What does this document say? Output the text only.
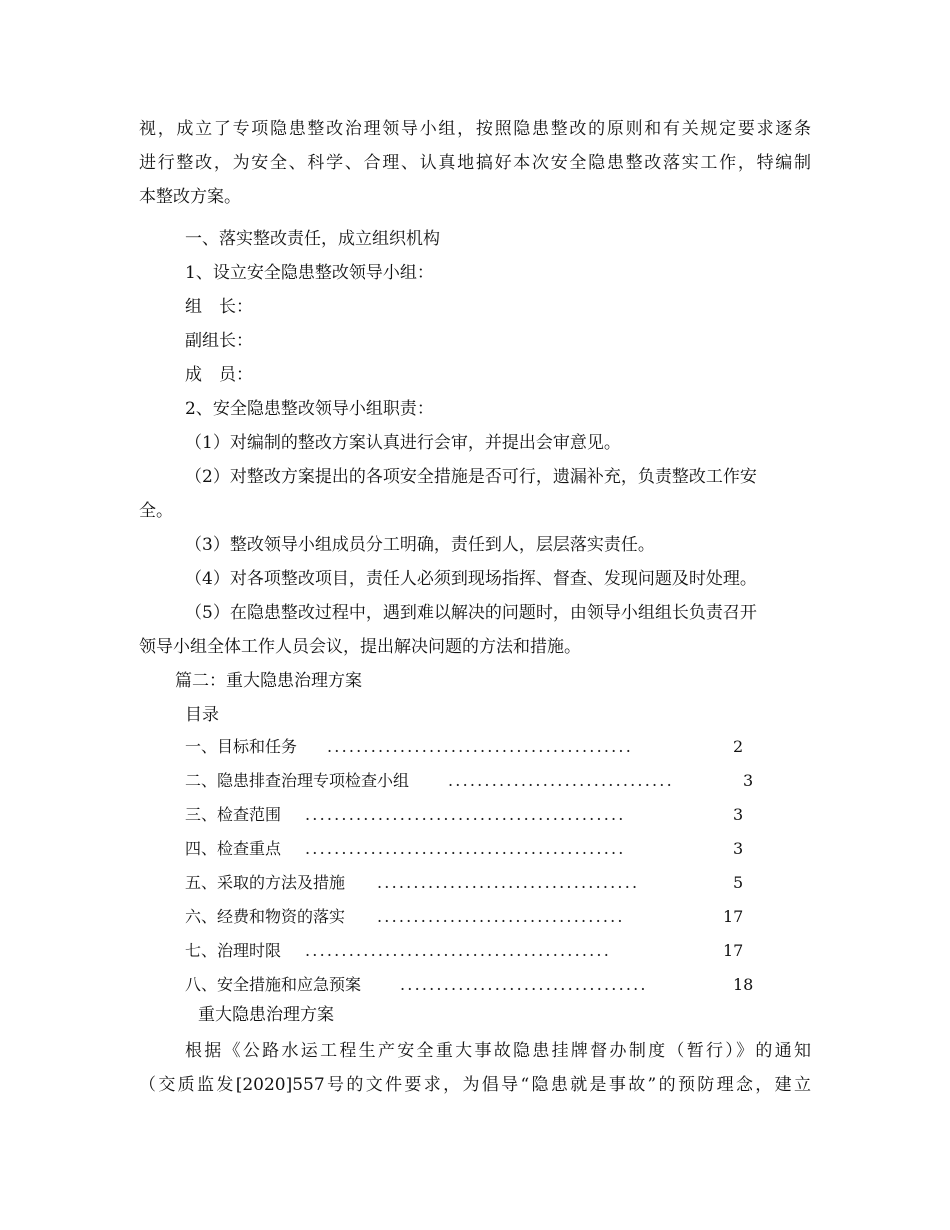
视，成立了专项隐患整改治理领导小组，按照隐患整改的原则和有关规定要求逐条
进行整改，为安全、科学、合理、认真地搞好本次安全隐患整改落实工作，特编制
本整改方案。
一、落实整改责任，成立组织机构
1、设立安全隐患整改领导小组：
组　长：
副组长：
成　员：
2、安全隐患整改领导小组职责：
（1）对编制的整改方案认真进行会审，并提出会审意见。
（2）对整改方案提出的各项安全措施是否可行，遗漏补充，负责整改工作安
全。
（3）整改领导小组成员分工明确，责任到人，层层落实责任。
（4）对各项整改项目，责任人必须到现场指挥、督查、发现问题及时处理。
（5）在隐患整改过程中，遇到难以解决的问题时，由领导小组组长负责召开
领导小组全体工作人员会议，提出解决问题的方法和措施。
篇二：重大隐患治理方案
目录
一、目标和任务 ..........................................	2
二、隐患排查治理专项检查小组 ...............................	3
三、检查范围 ............................................	3
四、检查重点 ............................................	3
五、采取的方法及措施 ....................................	5
六、经费和物资的落实 ..................................	17
七、治理时限 ..........................................	17
八、安全措施和应急预案 ..................................	18
重大隐患治理方案
根据《公路水运工程生产安全重大事故隐患挂牌督办制度（暂行）》的通知
（交质监发[2020]557号的文件要求，为倡导“隐患就是事故”的预防理念，建立
